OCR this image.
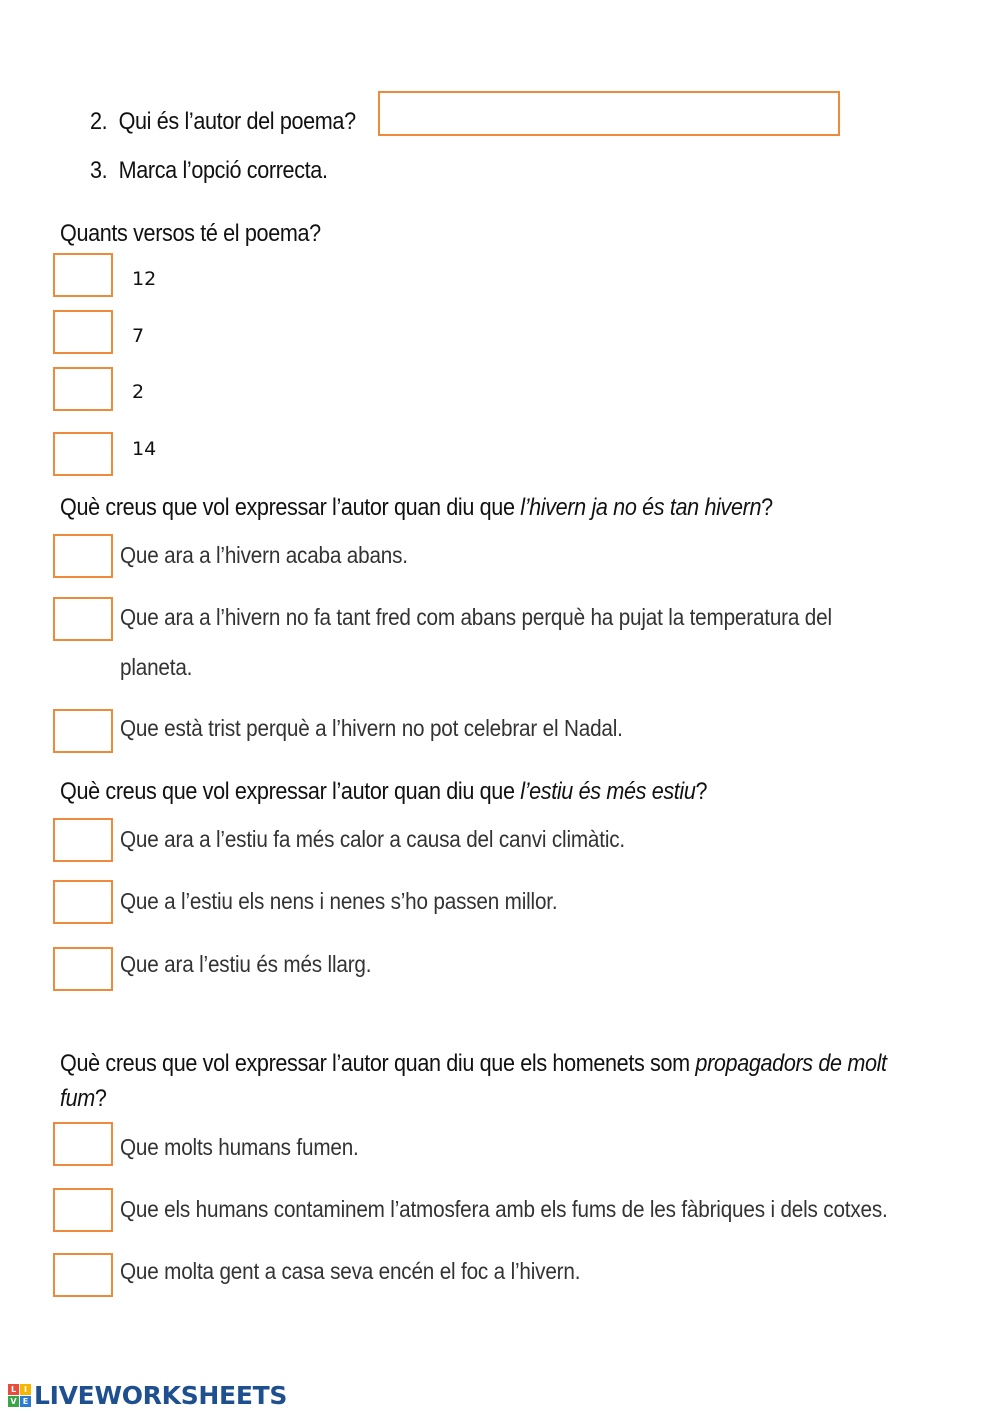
2. Qui és l’autor del poema?
3. Marca l’opció correcta.
Quants versos té el poema?
12
7
2
14
Què creus que vol expressar l’autor quan diu que l’hivern ja no és tan hivern?
Que ara a l’hivern acaba abans.
Que ara a l’hivern no fa tant fred com abans perquè ha pujat la temperatura del
planeta.
Que està trist perquè a l’hivern no pot celebrar el Nadal.
Què creus que vol expressar l’autor quan diu que l’estiu és més estiu?
Que ara a l’estiu fa més calor a causa del canvi climàtic.
Que a l’estiu els nens i nenes s’ho passen millor.
Que ara l’estiu és més llarg.
Què creus que vol expressar l’autor quan diu que els homenets som propagadors de molt
fum?
Que molts humans fumen.
Que els humans contaminem l’atmosfera amb els fums de les fàbriques i dels cotxes.
Que molta gent a casa seva encén el foc a l’hivern.
L I
V E LIVEWORKSHEETS
